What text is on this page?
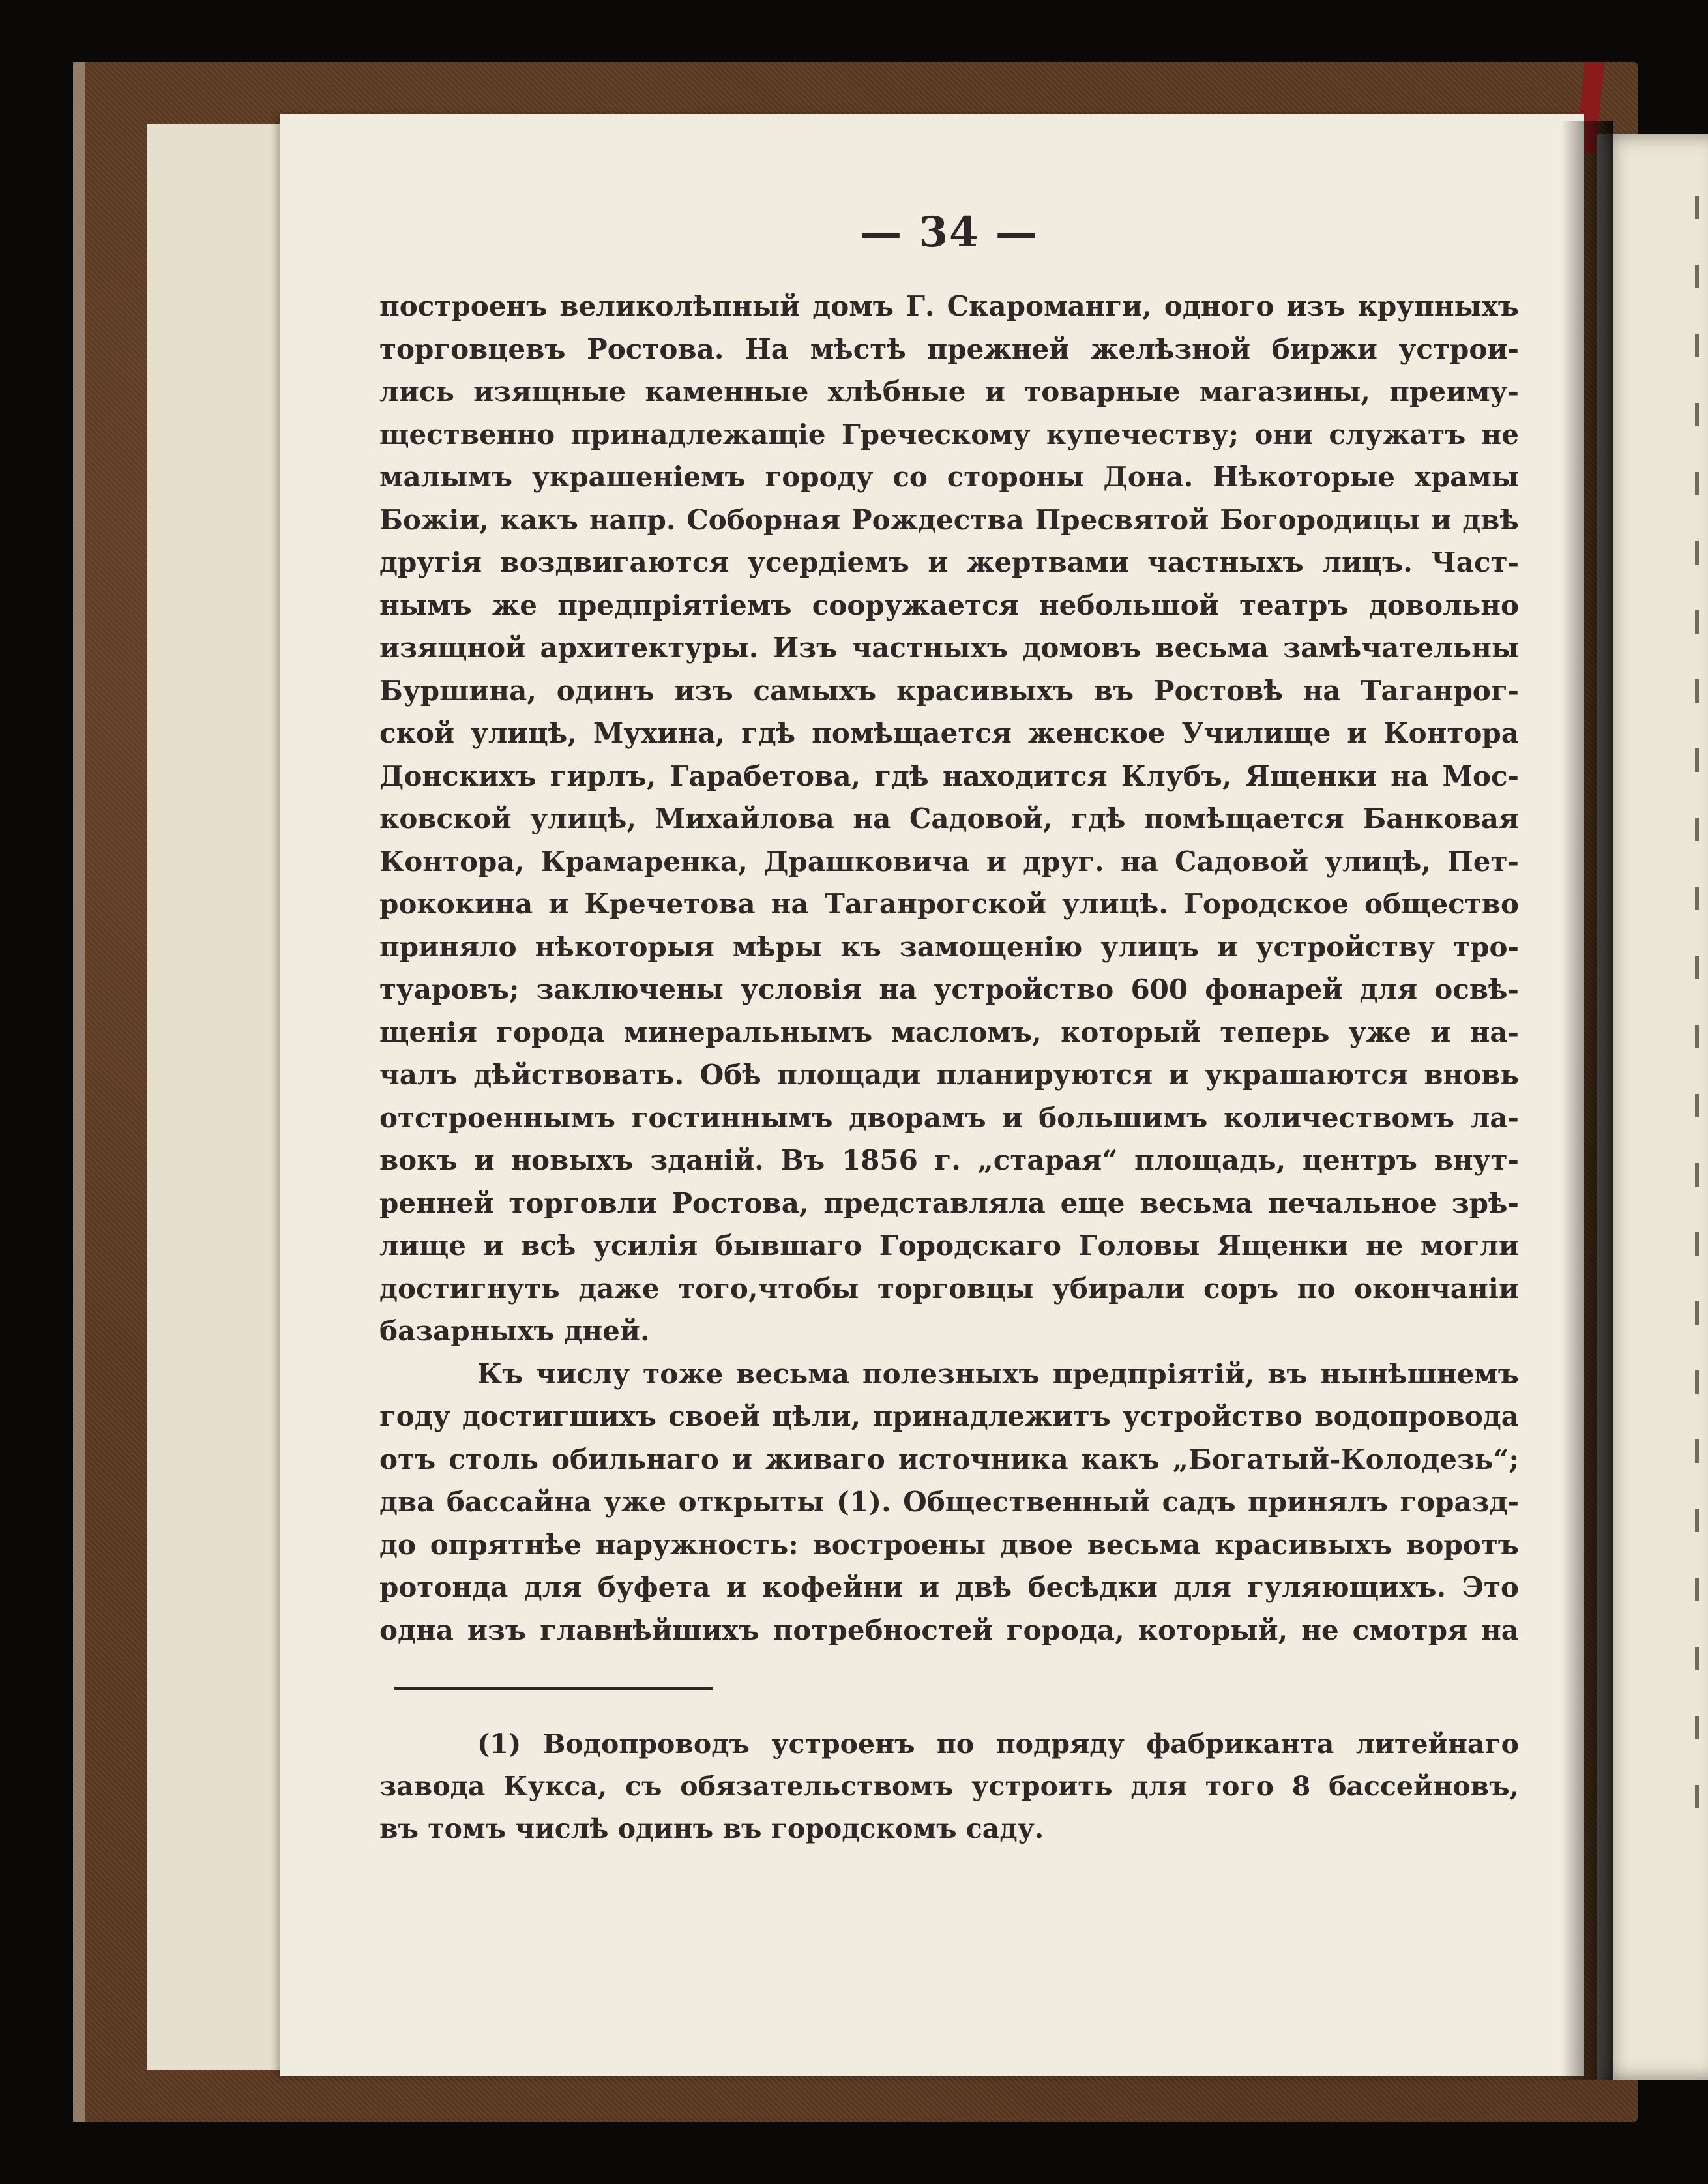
— 34 —
построенъ великолѣпный домъ Г. Скароманги, одного изъ крупныхъ
торговцевъ Ростова. На мѣстѣ прежней желѣзной биржи устрои-
лись изящные каменные хлѣбные и товарные магазины, преиму-
щественно принадлежащіе Греческому купечеству; они служатъ не
малымъ украшеніемъ городу со стороны Дона. Нѣкоторые храмы
Божіи, какъ напр. Соборная Рождества Пресвятой Богородицы и двѣ
другія воздвигаются усердіемъ и жертвами частныхъ лицъ. Част-
нымъ же предпріятіемъ сооружается небольшой театръ довольно
изящной архитектуры. Изъ частныхъ домовъ весьма замѣчательны
Буршина, одинъ изъ самыхъ красивыхъ въ Ростовѣ на Таганрог-
ской улицѣ, Мухина, гдѣ помѣщается женское Училище и Контора
Донскихъ гирлъ, Гарабетова, гдѣ находится Клубъ, Ященки на Мос-
ковской улицѣ, Михайлова на Садовой, гдѣ помѣщается Банковая
Контора, Крамаренка, Драшковича и друг. на Садовой улицѣ, Пет-
рококина и Кречетова на Таганрогской улицѣ. Городское общество
приняло нѣкоторыя мѣры къ замощенію улицъ и устройству тро-
туаровъ; заключены условія на устройство 600 фонарей для освѣ-
щенія города минеральнымъ масломъ, который теперь уже и на-
чалъ дѣйствовать. Обѣ площади планируются и украшаются вновь
отстроеннымъ гостиннымъ дворамъ и большимъ количествомъ ла-
вокъ и новыхъ зданій. Въ 1856 г. „старая“ площадь, центръ внут-
ренней торговли Ростова, представляла еще весьма печальное зрѣ-
лище и всѣ усилія бывшаго Городскаго Головы Ященки не могли
достигнуть даже того,чтобы торговцы убирали соръ по окончаніи
базарныхъ дней.
Къ числу тоже весьма полезныхъ предпріятій, въ нынѣшнемъ
году достигшихъ своей цѣли, принадлежитъ устройство водопровода
отъ столь обильнаго и живаго источника какъ „Богатый-Колодезь“;
два бассайна уже открыты (1). Общественный садъ принялъ горазд-
до опрятнѣе наружность: вострoены двое весьма красивыхъ воротъ
ротонда для буфета и кофейни и двѣ бесѣдки для гуляющихъ. Это
одна изъ главнѣйшихъ потребностей города, который, не смотря на
(1) Водопроводъ устроенъ по подряду фабриканта литейнаго
завода Кукса, съ обязательствомъ устроить для того 8 бассейновъ,
въ томъ числѣ одинъ въ городскомъ саду.
